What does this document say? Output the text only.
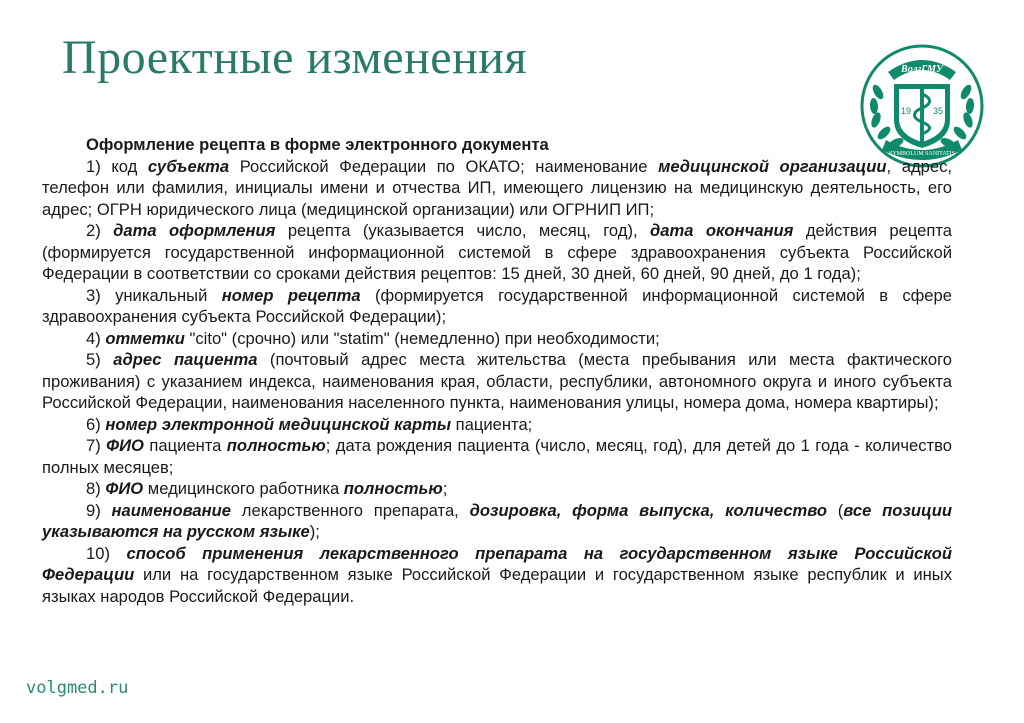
Проектные изменения	ВолгГМУ
19 35
SYMBOLUM SANITATIS

Оформление рецепта в форме электронного документа

1) код субъекта Российской Федерации по ОКАТО; наименование медицинской организации, адрес, телефон или фамилия, инициалы имени и отчества ИП, имеющего лицензию на медицинскую деятельность, его адрес; ОГРН юридического лица (медицинской организации) или ОГРНИП ИП;

2) дата оформления рецепта (указывается число, месяц, год), дата окончания действия рецепта (формируется государственной информационной системой в сфере здравоохранения субъекта Российской Федерации в соответствии со сроками действия рецептов: 15 дней, 30 дней, 60 дней, 90 дней, до 1 года);

3) уникальный номер рецепта (формируется государственной информационной системой в сфере здравоохранения субъекта Российской Федерации);

4) отметки "cito" (срочно) или "statim" (немедленно) при необходимости;

5) адрес пациента (почтовый адрес места жительства (места пребывания или места фактического проживания) с указанием индекса, наименования края, области, республики, автономного округа и иного субъекта Российской Федерации, наименования населенного пункта, наименования улицы, номера дома, номера квартиры);

6) номер электронной медицинской карты пациента;

7) ФИО пациента полностью; дата рождения пациента (число, месяц, год), для детей до 1 года - количество полных месяцев;

8) ФИО медицинского работника полностью;

9) наименование лекарственного препарата, дозировка, форма выпуска, количество (все позиции указываются на русском языке);

10) способ применения лекарственного препарата на государственном языке Российской Федерации или на государственном языке Российской Федерации и государственном языке республик и иных языках народов Российской Федерации.

volgmed.ru
